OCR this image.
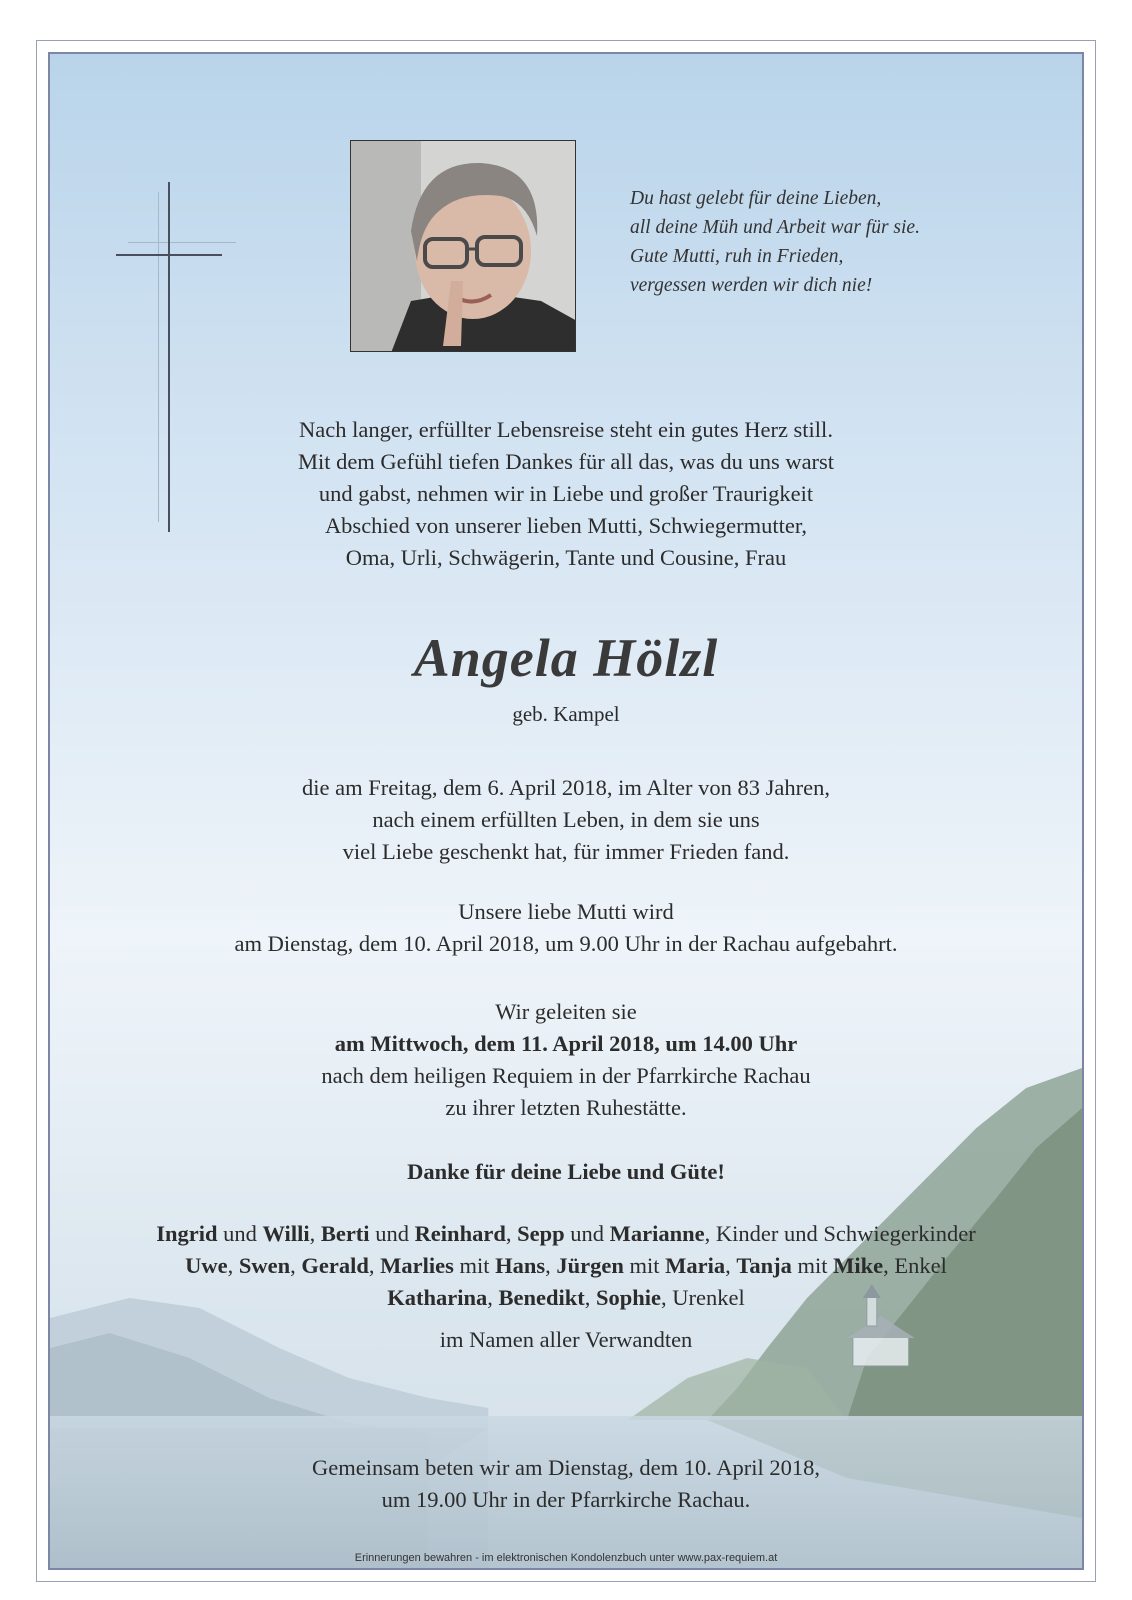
Du hast gelebt für deine Lieben,
all deine Müh und Arbeit war für sie.
Gute Mutti, ruh in Frieden,
vergessen werden wir dich nie!
Nach langer, erfüllter Lebensreise steht ein gutes Herz still.
Mit dem Gefühl tiefen Dankes für all das, was du uns warst
und gabst, nehmen wir in Liebe und großer Traurigkeit
Abschied von unserer lieben Mutti, Schwiegermutter,
Oma, Urli, Schwägerin, Tante und Cousine, Frau
Angela Hölzl
geb. Kampel
die am Freitag, dem 6. April 2018, im Alter von 83 Jahren,
nach einem erfüllten Leben, in dem sie uns
viel Liebe geschenkt hat, für immer Frieden fand.
Unsere liebe Mutti wird
am Dienstag, dem 10. April 2018, um 9.00 Uhr in der Rachau aufgebahrt.
Wir geleiten sie
am Mittwoch, dem 11. April 2018, um 14.00 Uhr
nach dem heiligen Requiem in der Pfarrkirche Rachau
zu ihrer letzten Ruhestätte.
Danke für deine Liebe und Güte!
Ingrid und Willi, Berti und Reinhard, Sepp und Marianne, Kinder und Schwiegerkinder
Uwe, Swen, Gerald, Marlies mit Hans, Jürgen mit Maria, Tanja mit Mike, Enkel
Katharina, Benedikt, Sophie, Urenkel
im Namen aller Verwandten
Gemeinsam beten wir am Dienstag, dem 10. April 2018,
um 19.00 Uhr in der Pfarrkirche Rachau.
Erinnerungen bewahren - im elektronischen Kondolenzbuch unter www.pax-requiem.at
